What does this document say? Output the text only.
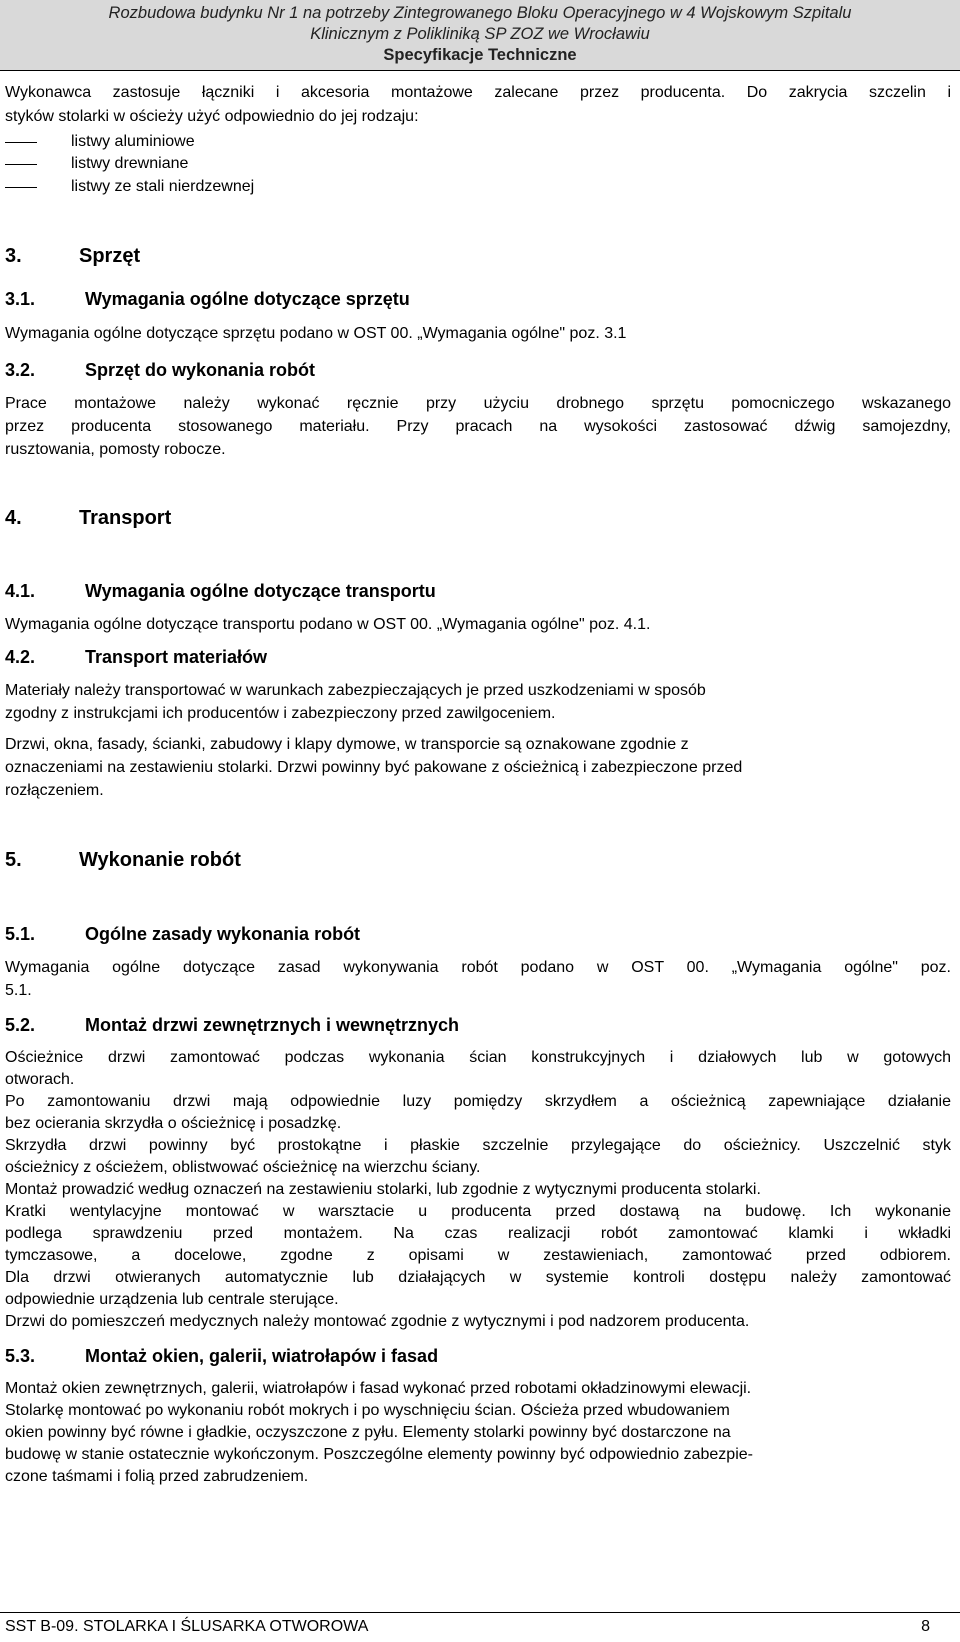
Rozbudowa budynku Nr 1 na potrzeby Zintegrowanego Bloku Operacyjnego w 4 Wojskowym Szpitalu
Klinicznym z Polikliniką SP ZOZ we Wrocławiu
Specyfikacje Techniczne
Wykonawca zastosuje łączniki i akcesoria montażowe zalecane przez producenta. Do zakrycia szczelin i
styków stolarki w ościeży użyć odpowiednio do jej rodzaju:
listwy aluminiowe
listwy drewniane
listwy ze stali nierdzewnej
3.	Sprzęt
3.1.	Wymagania ogólne dotyczące sprzętu
Wymagania ogólne dotyczące sprzętu podano w OST 00. „Wymagania ogólne" poz. 3.1
3.2.	Sprzęt do wykonania robót
Prace montażowe należy wykonać ręcznie przy użyciu drobnego sprzętu pomocniczego wskazanego
przez producenta stosowanego materiału. Przy pracach na wysokości zastosować dźwig samojezdny,
rusztowania, pomosty robocze.
4.	Transport
4.1.	Wymagania ogólne dotyczące transportu
Wymagania ogólne dotyczące transportu podano w OST 00. „Wymagania ogólne" poz. 4.1.
4.2.	Transport materiałów
Materiały należy transportować w warunkach zabezpieczających je przed uszkodzeniami w sposób
zgodny z instrukcjami ich producentów i zabezpieczony przed zawilgoceniem.
Drzwi, okna, fasady, ścianki, zabudowy i klapy dymowe, w transporcie są oznakowane zgodnie z
oznaczeniami na zestawieniu stolarki. Drzwi powinny być pakowane z ościeżnicą i zabezpieczone przed
rozłączeniem.
5.	Wykonanie robót
5.1.	Ogólne zasady wykonania robót
Wymagania ogólne dotyczące zasad wykonywania robót podano w OST 00. „Wymagania ogólne" poz.
5.1.
5.2.	Montaż drzwi zewnętrznych i wewnętrznych
Ościeżnice drzwi zamontować podczas wykonania ścian konstrukcyjnych i działowych lub w gotowych
otworach.
Po zamontowaniu drzwi mają odpowiednie luzy pomiędzy skrzydłem a ościeżnicą zapewniające działanie
bez ocierania skrzydła o ościeżnicę i posadzkę.
Skrzydła drzwi powinny być prostokątne i płaskie szczelnie przylegające do ościeżnicy. Uszczelnić styk
ościeżnicy z ościeżem, oblistwować ościeżnicę na wierzchu ściany.
Montaż prowadzić według oznaczeń na zestawieniu stolarki, lub zgodnie z wytycznymi producenta stolarki.
Kratki wentylacyjne montować w warsztacie u producenta przed dostawą na budowę. Ich wykonanie
podlega sprawdzeniu przed montażem. Na czas realizacji robót zamontować klamki i wkładki
tymczasowe, a docelowe, zgodne z opisami w zestawieniach, zamontować przed odbiorem.
Dla drzwi otwieranych automatycznie lub działających w systemie kontroli dostępu należy zamontować
odpowiednie urządzenia lub centrale sterujące.
Drzwi do pomieszczeń medycznych należy montować zgodnie z wytycznymi i pod nadzorem producenta.
5.3.	Montaż okien, galerii, wiatrołapów i fasad
Montaż okien zewnętrznych, galerii, wiatrołapów i fasad wykonać przed robotami okładzinowymi elewacji.
Stolarkę montować po wykonaniu robót mokrych i po wyschnięciu ścian. Ościeża przed wbudowaniem
okien powinny być równe i gładkie, oczyszczone z pyłu. Elementy stolarki powinny być dostarczone na
budowę w stanie ostatecznie wykończonym. Poszczególne elementy powinny być odpowiednio zabezpie-
czone taśmami i folią przed zabrudzeniem.
SST B-09. STOLARKA I ŚLUSARKA OTWOROWA	8
